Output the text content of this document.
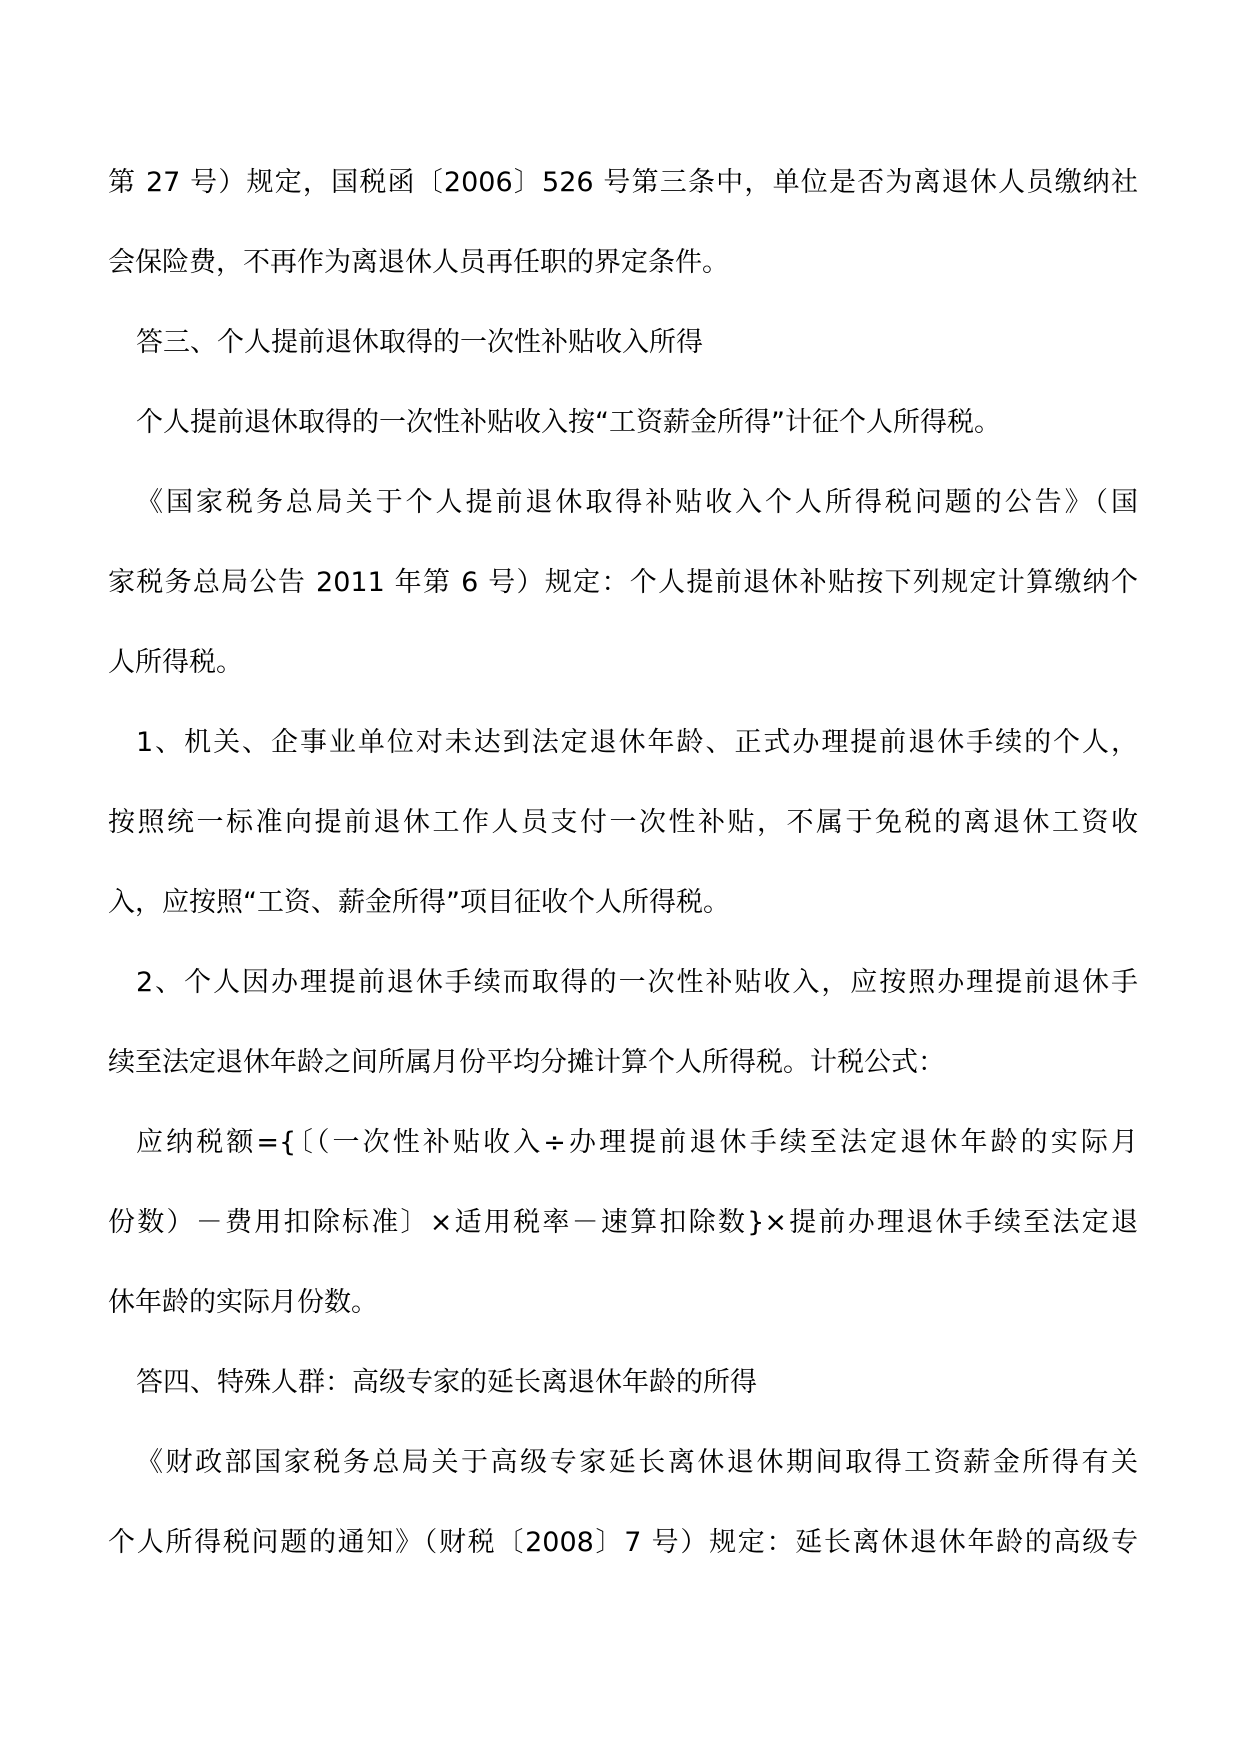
第 27 号）规定，国税函〔2006〕526 号第三条中，单位是否为离退休人员缴纳社
会保险费，不再作为离退休人员再任职的界定条件。
答三、个人提前退休取得的一次性补贴收入所得
个人提前退休取得的一次性补贴收入按“工资薪金所得”计征个人所得税。
《国家税务总局关于个人提前退休取得补贴收入个人所得税问题的公告》（国
家税务总局公告 2011 年第 6 号）规定：个人提前退休补贴按下列规定计算缴纳个
人所得税。
1、机关、企事业单位对未达到法定退休年龄、正式办理提前退休手续的个人，
按照统一标准向提前退休工作人员支付一次性补贴，不属于免税的离退休工资收
入，应按照“工资、薪金所得”项目征收个人所得税。
2、个人因办理提前退休手续而取得的一次性补贴收入，应按照办理提前退休手
续至法定退休年龄之间所属月份平均分摊计算个人所得税。计税公式：
应纳税额={〔（一次性补贴收入÷办理提前退休手续至法定退休年龄的实际月
份数）－费用扣除标准〕×适用税率－速算扣除数}×提前办理退休手续至法定退
休年龄的实际月份数。
答四、特殊人群：高级专家的延长离退休年龄的所得
《财政部国家税务总局关于高级专家延长离休退休期间取得工资薪金所得有关
个人所得税问题的通知》（财税〔2008〕7 号）规定：延长离休退休年龄的高级专
